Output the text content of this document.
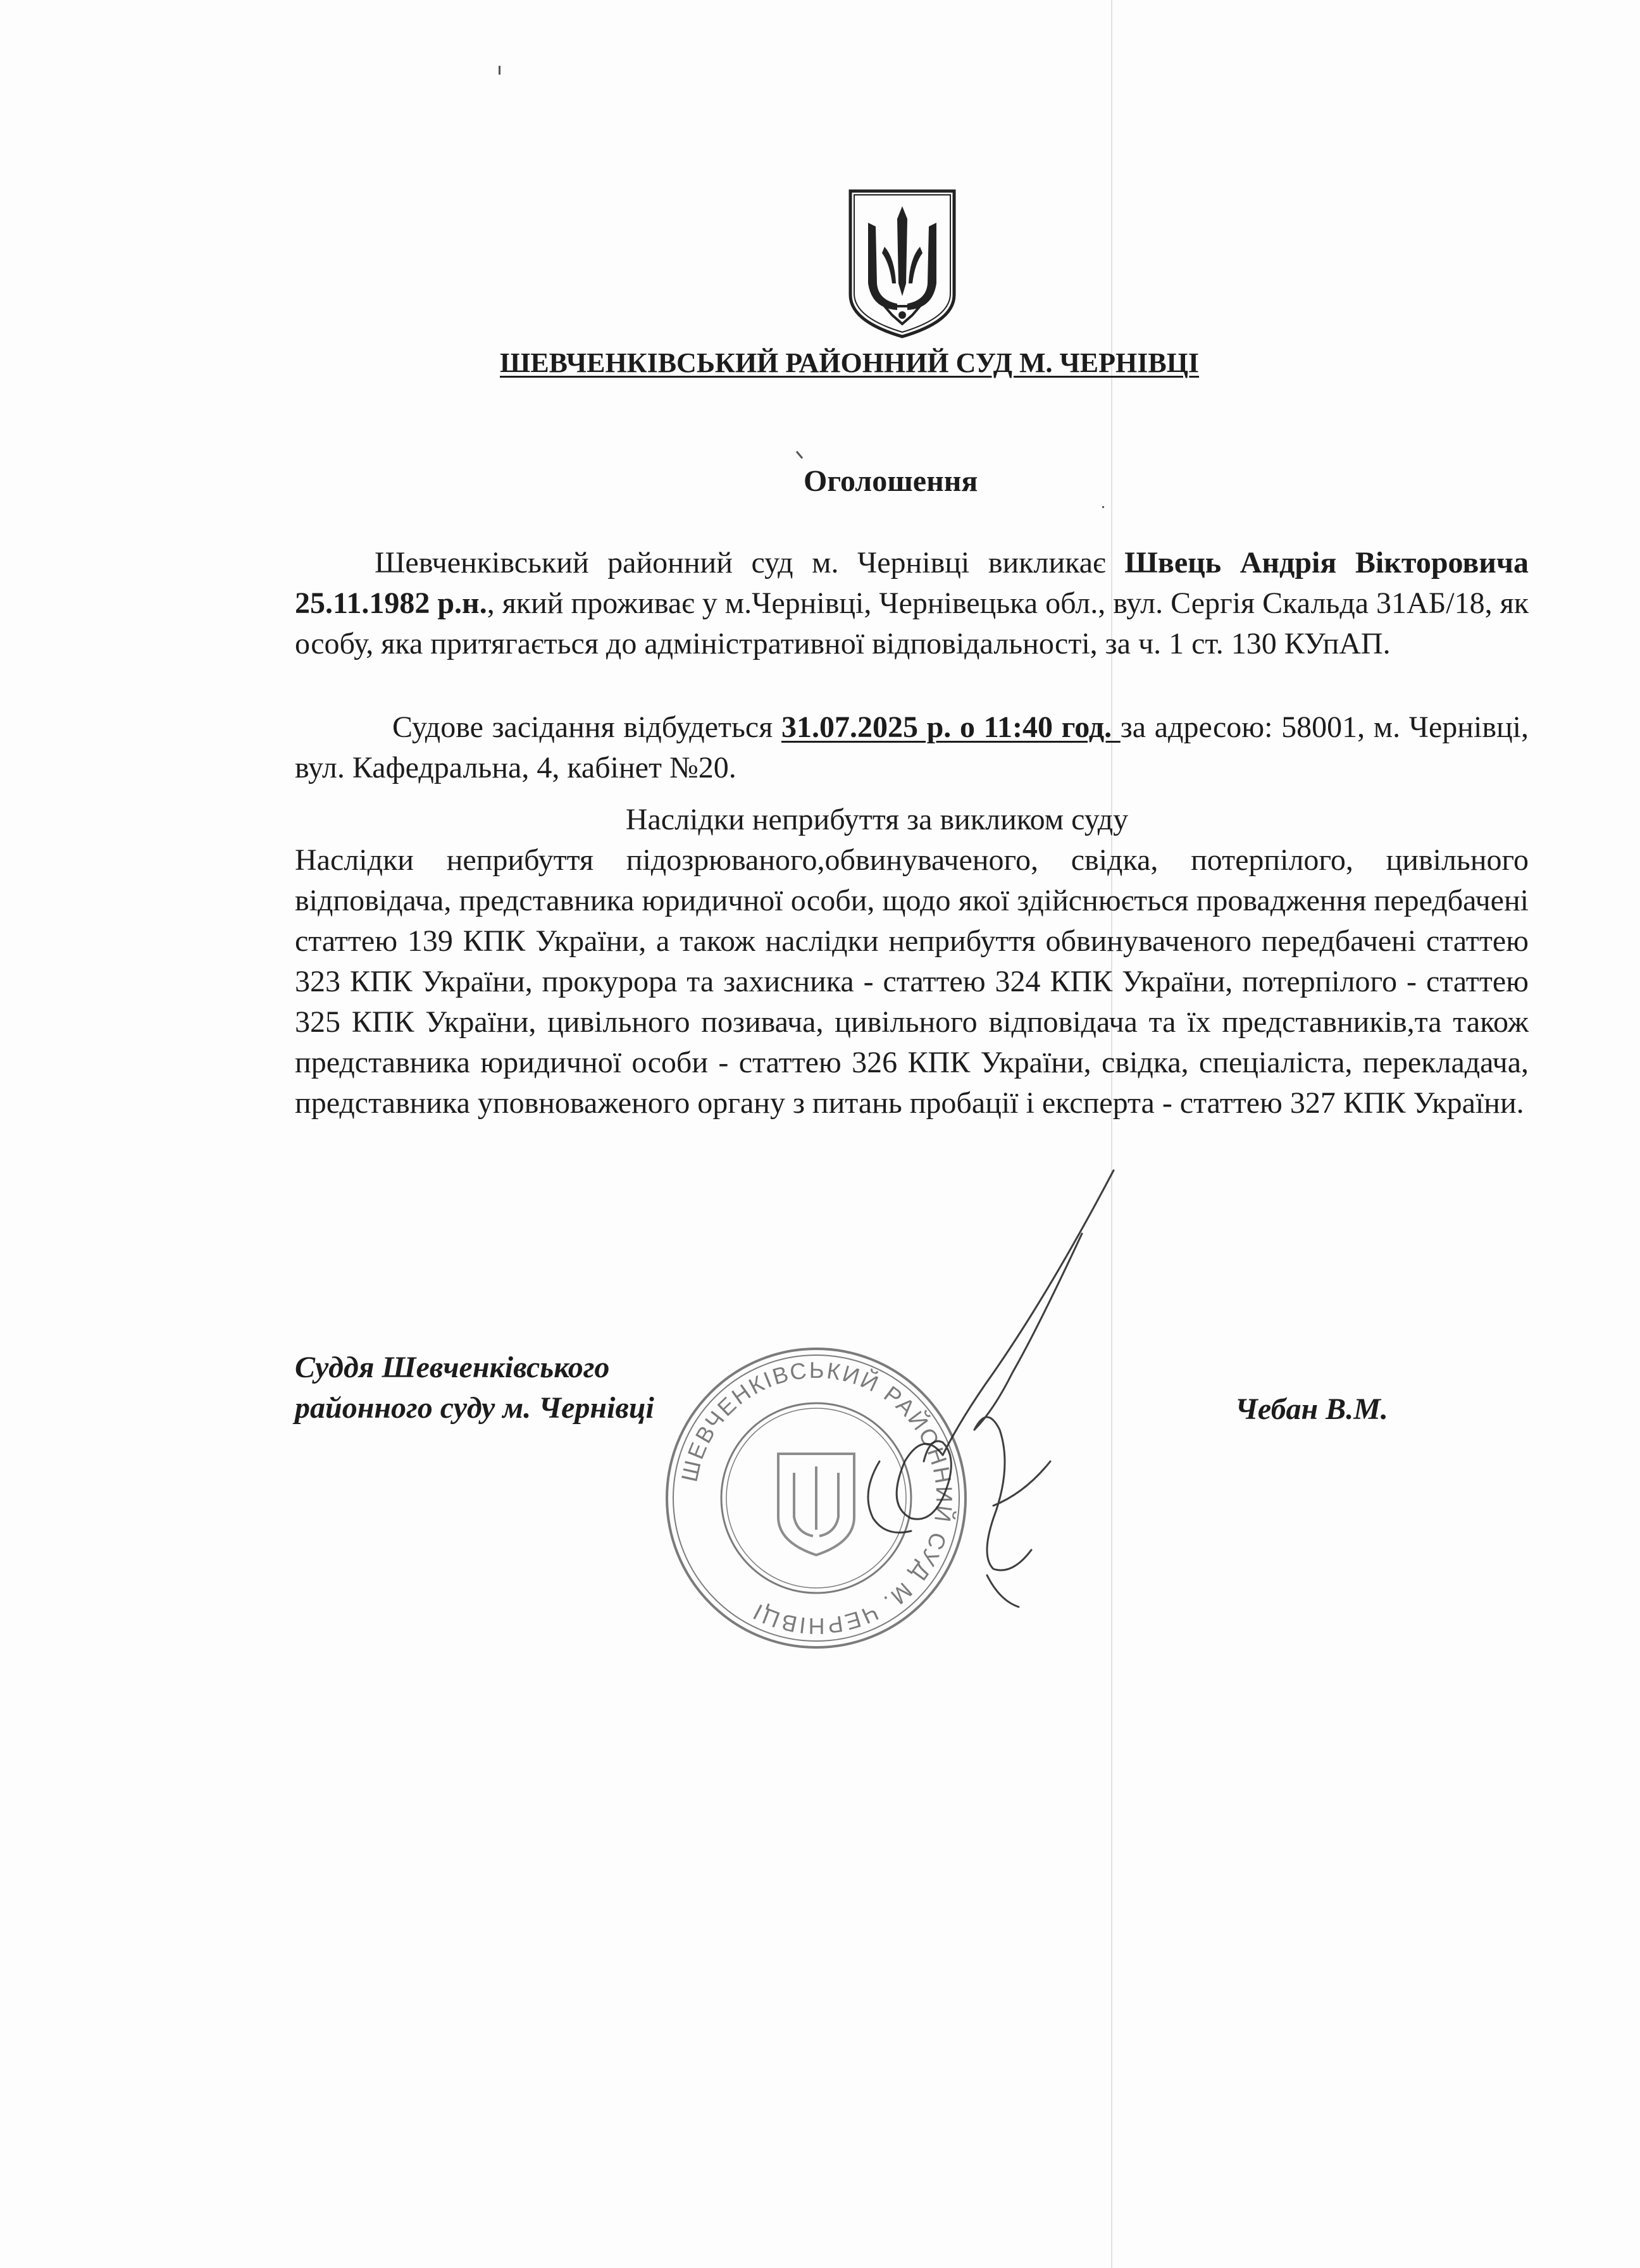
ШЕВЧЕНКІВСЬКИЙ РАЙОННИЙ СУД М. ЧЕРНІВЦІ
Оголошення
Шевченківський районний суд м. Чернівці викликає Швець Андрія Вікторовича 25.11.1982 р.н., який проживає у м.Чернівці, Чернівецька обл., вул. Сергія Скальда 31АБ/18, як особу, яка притягається до адміністративної відповідальності, за ч. 1 ст. 130 КУпАП.
Судове засідання відбудеться 31.07.2025 р. о 11:40 год. за адресою: 58001, м. Чернівці, вул. Кафедральна, 4, кабінет №20.
Наслідки неприбуття за викликом суду
Наслідки неприбуття підозрюваного,обвинуваченого, свідка, потерпілого, цивільного відповідача, представника юридичної особи, щодо якої здійснюється провадження передбачені статтею 139 КПК України, а також наслідки неприбуття обвинуваченого передбачені статтею 323 КПК України, прокурора та захисника - статтею 324 КПК України, потерпілого - статтею 325 КПК України, цивільного позивача, цивільного відповідача та їх представників,та також представника юридичної особи - статтею 326 КПК України, свідка, спеціаліста, перекладача, представника уповноваженого органу з питань пробації і експерта - статтею 327 КПК України.
Суддя Шевченківського
районного суду м. Чернівці	Чебан В.М.
ШЕВЧЕНКІВСЬКИЙ РАЙОННИЙ СУД М. ЧЕРНІВЦІ
